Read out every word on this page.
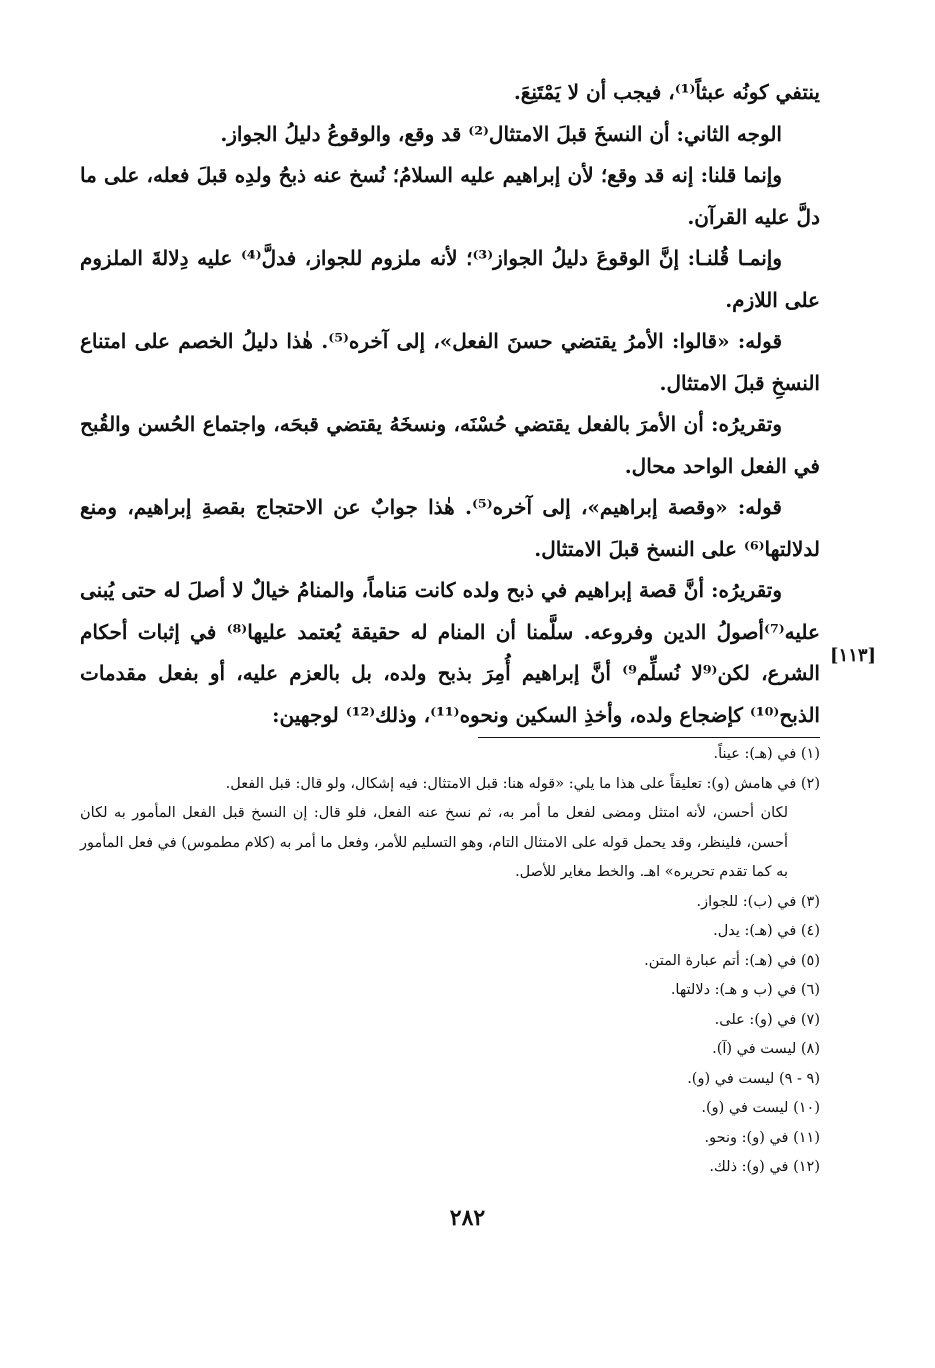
ينتفي كونُه عبثاً⁽¹⁾، فيجب أن لا يَمْتَنِعَ.

الوجه الثاني: أن النسخَ قبلَ الامتثال⁽²⁾ قد وقع، والوقوعُ دليلُ الجواز.

وإنما قلنا: إنه قد وقع؛ لأن إبراهيم عليه السلامُ؛ نُسخ عنه ذبحُ ولدِه قبلَ فعله، على ما دلَّ عليه القرآن.

وإنمـا قُلنـا: إنَّ الوقوعَ دليلُ الجواز⁽³⁾؛ لأنه ملزوم للجواز، فدلَّ⁽⁴⁾ عليه دِلالةَ الملزوم على اللازم.

قوله: «قالوا: الأمرُ يقتضي حسنَ الفعل»، إلى آخره⁽⁵⁾. هٰذا دليلُ الخصم على امتناع النسخِ قبلَ الامتثال.

وتقريرُه: أن الأمرَ بالفعل يقتضي حُسْنَه، ونسخَهُ يقتضي قبحَه، واجتماع الحُسن والقُبح في الفعل الواحد محال.

قوله: «وقصة إبراهيم»، إلى آخره⁽⁵⁾. هٰذا جوابٌ عن الاحتجاج بقصةِ إبراهيم، ومنع لدلالتها⁽⁶⁾ على النسخ قبلَ الامتثال.

وتقريرُه: أنَّ قصة إبراهيم في ذبح ولده كانت مَناماً، والمنامُ خيالٌ لا أصلَ له حتى يُبنى عليه⁽⁷⁾أصولُ الدين وفروعه. سلَّمنا أن المنام له حقيقة يُعتمد عليها⁽⁸⁾ في إثبات أحكام الشرع، لكن⁽⁹لا نُسلِّم⁹⁾ أنَّ إبراهيم أُمِرَ بذبح ولده، بل بالعزم عليه، أو بفعل مقدمات الذبح⁽¹⁰⁾ كإضجاع ولده، وأخذِ السكين ونحوه⁽¹¹⁾، وذلك⁽¹²⁾ لوجهين:

[١١٣]

(١) في (هـ): عيناً.

(٢) في هامش (و): تعليقاً على هذا ما يلي: «قوله هنا: قبل الامتثال: فيه إشكال، ولو قال: قبل الفعل.

لكان أحسن، لأنه امتثل ومضى لفعل ما أمر به، ثم نسخ عنه الفعل، فلو قال: إن النسخ قبل الفعل المأمور به لكان أحسن، فلينظر، وقد يحمل قوله على الامتثال التام، وهو التسليم للأمر، وفعل ما أمر به (كلام مطموس) في فعل المأمور به كما تقدم تحريره» اهـ. والخط مغاير للأصل.

(٣) في (ب): للجواز.

(٤) في (هـ): يدل.

(٥) في (هـ): أتم عبارة المتن.

(٦) في (ب و هـ): دلالتها.

(٧) في (و): على.

(٨) ليست في (آ).

(٩ - ٩) ليست في (و).

(١٠) ليست في (و).

(١١) في (و): ونحو.

(١٢) في (و): ذلك.

٢٨٢
